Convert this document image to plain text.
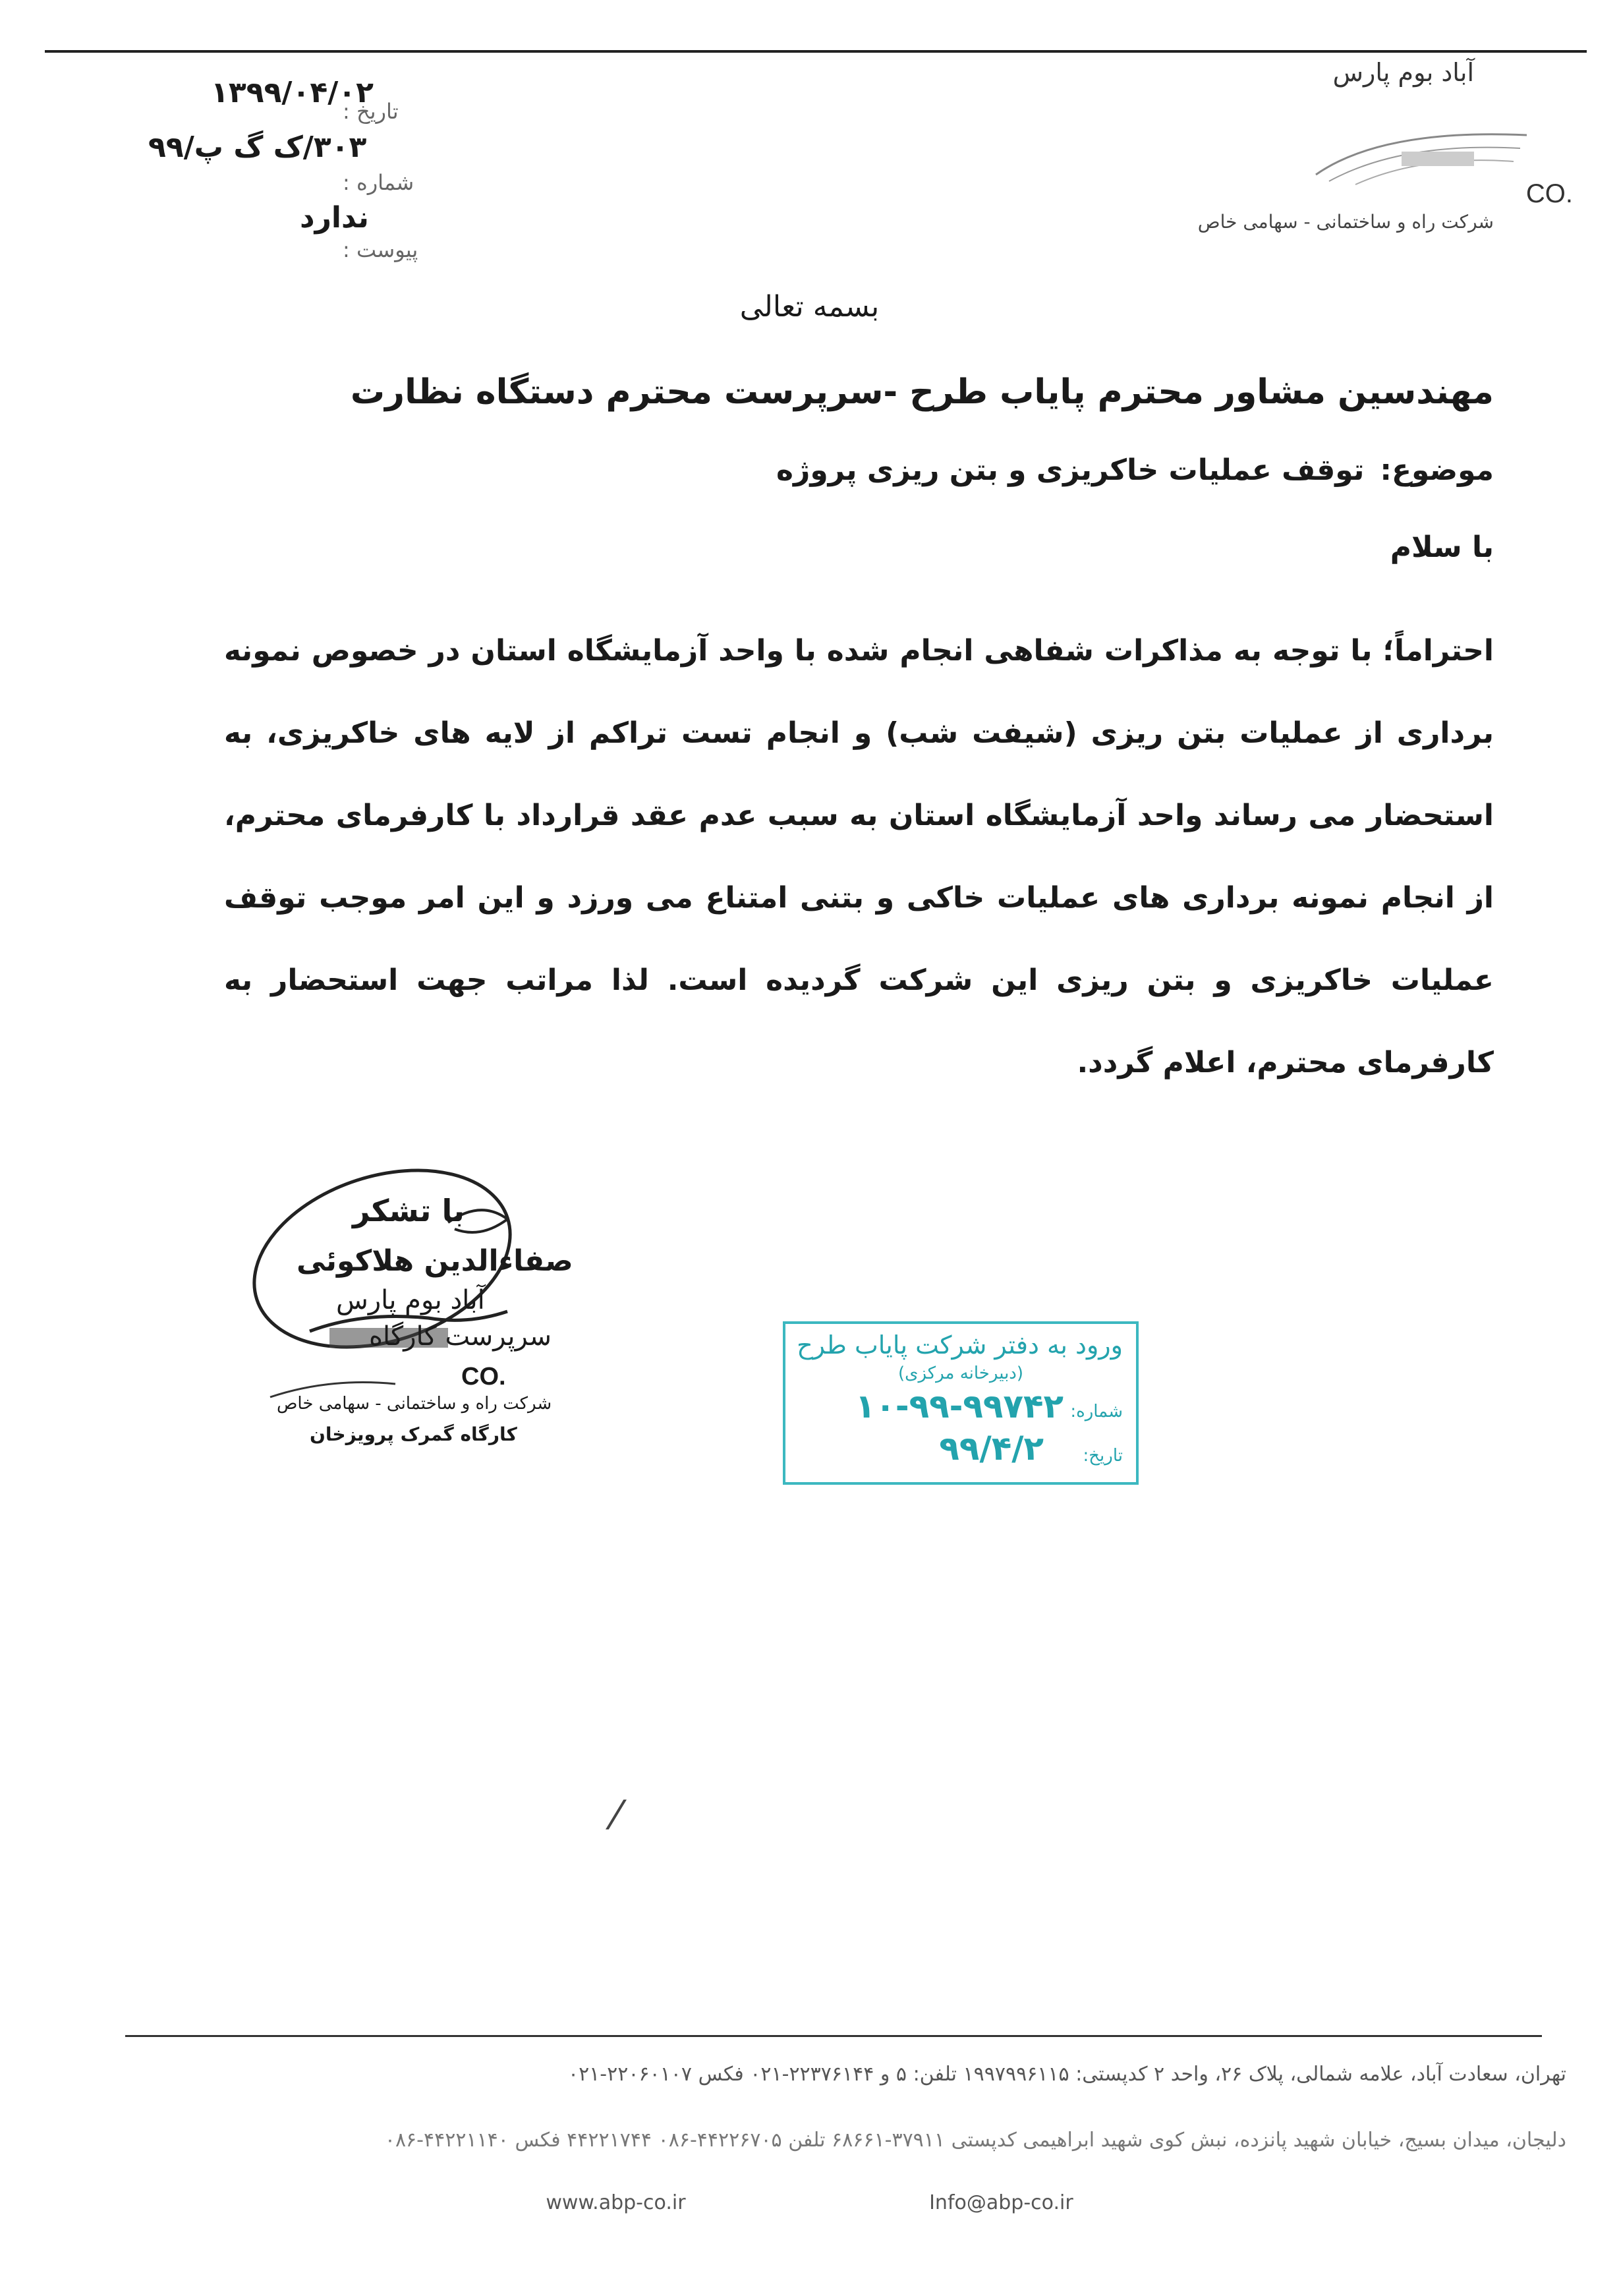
آباد بوم پارس
CO.
شرکت راه و ساختمانی - سهامی خاص
۱۳۹۹/۰۴/۰۲
تاریخ :
۳۰۳/ک گ پ/۹۹
شماره :
ندارد
پیوست :
بسمه تعالی
مهندسین مشاور محترم پایاب طرح -سرپرست محترم دستگاه نظارت
موضوع:توقف عملیات خاکریزی و بتن ریزی پروژه
با سلام
احتراماً؛ با توجه به مذاکرات شفاهی انجام شده با واحد آزمایشگاه استان در خصوص نمونه برداری از عملیات بتن ریزی (شیفت شب) و انجام تست تراکم از لایه های خاکریزی، به استحضار می رساند واحد آزمایشگاه استان به سبب عدم عقد قرارداد با کارفرمای محترم، از انجام نمونه برداری های عملیات خاکی و بتنی امتناع می ورزد و این امر موجب توقف عملیات خاکریزی و بتن ریزی این شرکت گردیده است. لذا مراتب جهت استحضار به کارفرمای محترم، اعلام گردد.
با تشکر
صفاءالدین هلاکوئی
آباد بوم پارس
سرپرست کارگاه
CO.
شرکت راه و ساختمانی - سهامی خاص
کارگاه گمرک پرویزخان
ورود به دفتر شرکت پایاب طرح
(دبیرخانه مرکزی)
شماره:
۱۰-۹۹-۹۹۷۴۲
تاریخ:
۹۹/۴/۲
⁄
تهران، سعادت آباد، علامه شمالی، پلاک ۲۶، واحد ۲ کدپستی: ۱۹۹۷۹۹۶۱۱۵ تلفن: ۵ و ۲۲۳۷۶۱۴۴-۰۲۱ فکس ۲۲۰۶۰۱۰۷-۰۲۱
دلیجان، میدان بسیج، خیابان شهید پانزده، نبش کوی شهید ابراهیمی کدپستی ۳۷۹۱۱-۶۸۶۶۱ تلفن ۴۴۲۲۶۷۰۵-۰۸۶ ۴۴۲۲۱۷۴۴ فکس ۴۴۲۲۱۱۴۰-۰۸۶
www.abp-co.ir	Info@abp-co.ir
